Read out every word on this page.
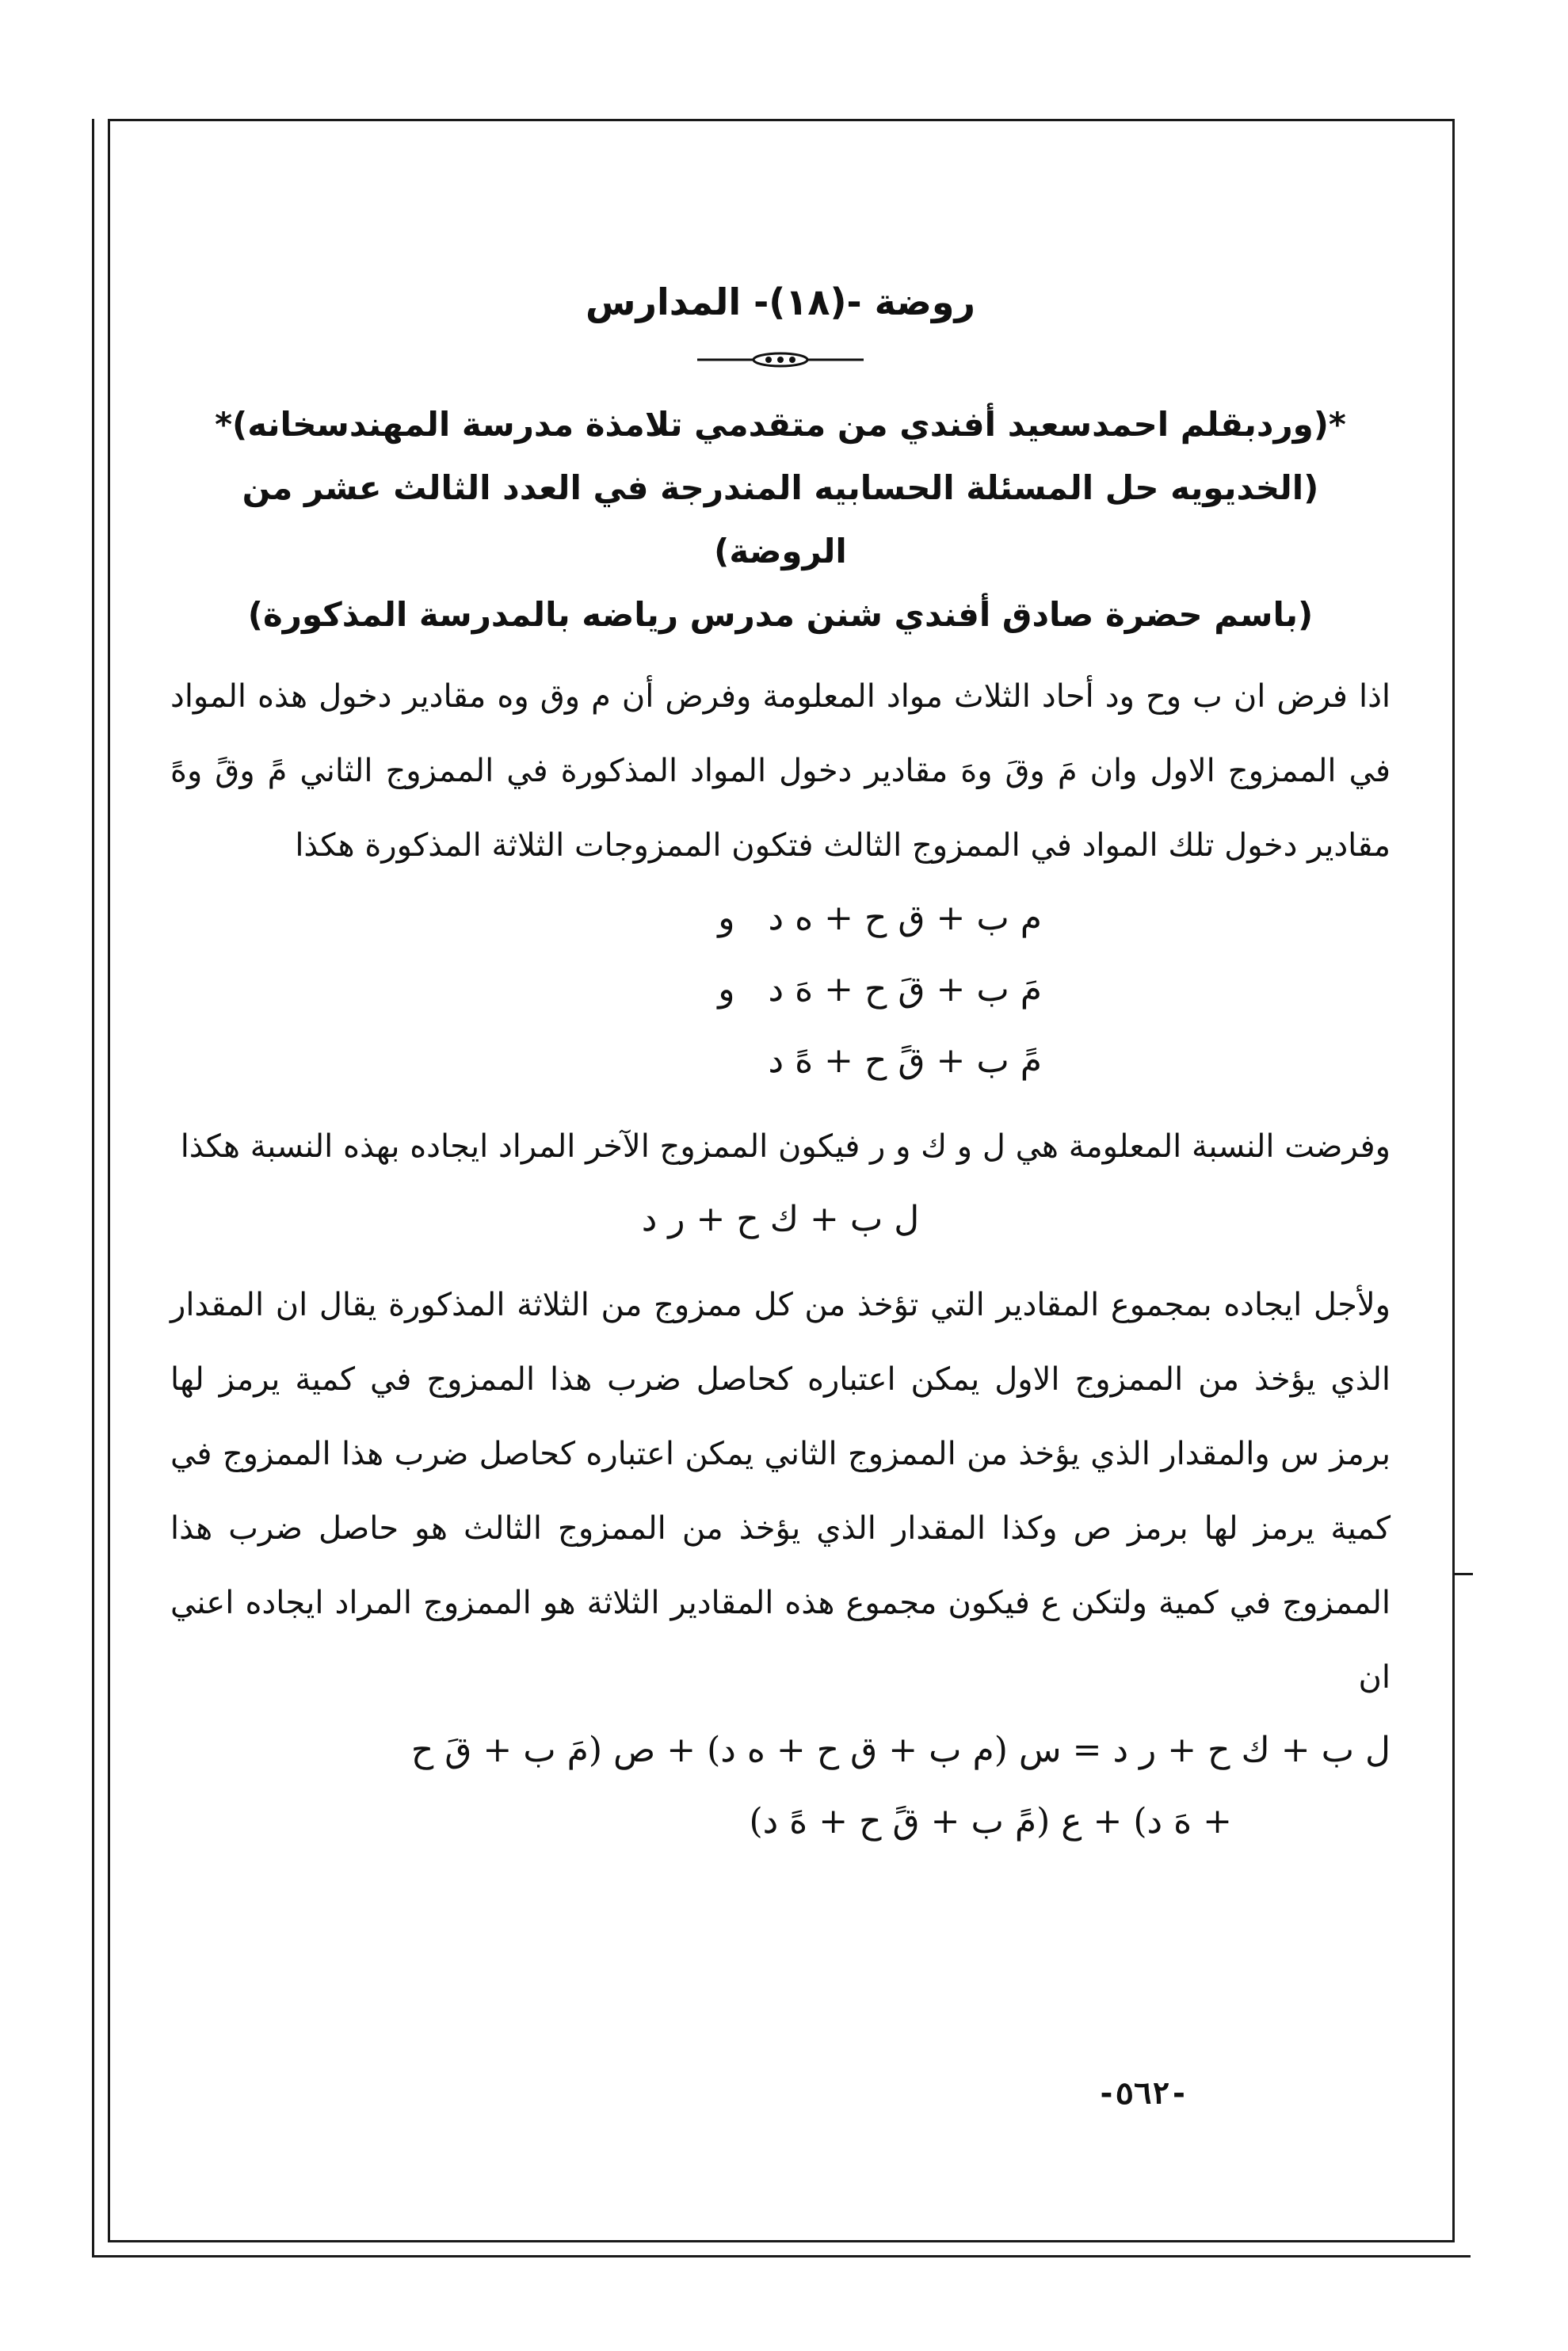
روضة -(١٨)- المدارس

*(وردبقلم احمدسعيد أفندي من متقدمي تلامذة مدرسة المهندسخانه)*

(الخديويه حل المسئلة الحسابيه المندرجة في العدد الثالث عشر من الروضة)

(باسم حضرة صادق أفندي شنن مدرس رياضه بالمدرسة المذكورة)

اذا فرض ان ب وح ود أحاد الثلاث مواد المعلومة وفرض أن م وق وه مقادير دخول هذه المواد في الممزوج الاول وان مَ وقَ وهَ مقادير دخول المواد المذكورة في الممزوج الثاني مً وقً وهً مقادير دخول تلك المواد في الممزوج الثالث فتكون الممزوجات الثلاثة المذكورة هكذا

م ب + ق ح + ه د   و

مَ ب + قَ ح + هَ د   و

مً ب + قً ح + هً د

وفرضت النسبة المعلومة هي ل و ك و ر فيكون الممزوج الآخر المراد ايجاده بهذه النسبة هكذا

ل ب + ك ح + ر د

ولأجل ايجاده بمجموع المقادير التي تؤخذ من كل ممزوج من الثلاثة المذكورة يقال ان المقدار الذي يؤخذ من الممزوج الاول يمكن اعتباره كحاصل ضرب هذا الممزوج في كمية يرمز لها برمز س والمقدار الذي يؤخذ من الممزوج الثاني يمكن اعتباره كحاصل ضرب هذا الممزوج في كمية يرمز لها برمز ص وكذا المقدار الذي يؤخذ من الممزوج الثالث هو حاصل ضرب هذا الممزوج في كمية ولتكن ع فيكون مجموع هذه المقادير الثلاثة هو الممزوج المراد ايجاده اعني ان

ل ب + ك ح + ر د = س (م ب + ق ح + ه د) + ص (مَ ب + قَ ح

+ هَ د) + ع (مً ب + قً ح + هً د)

-٥٦٢-
